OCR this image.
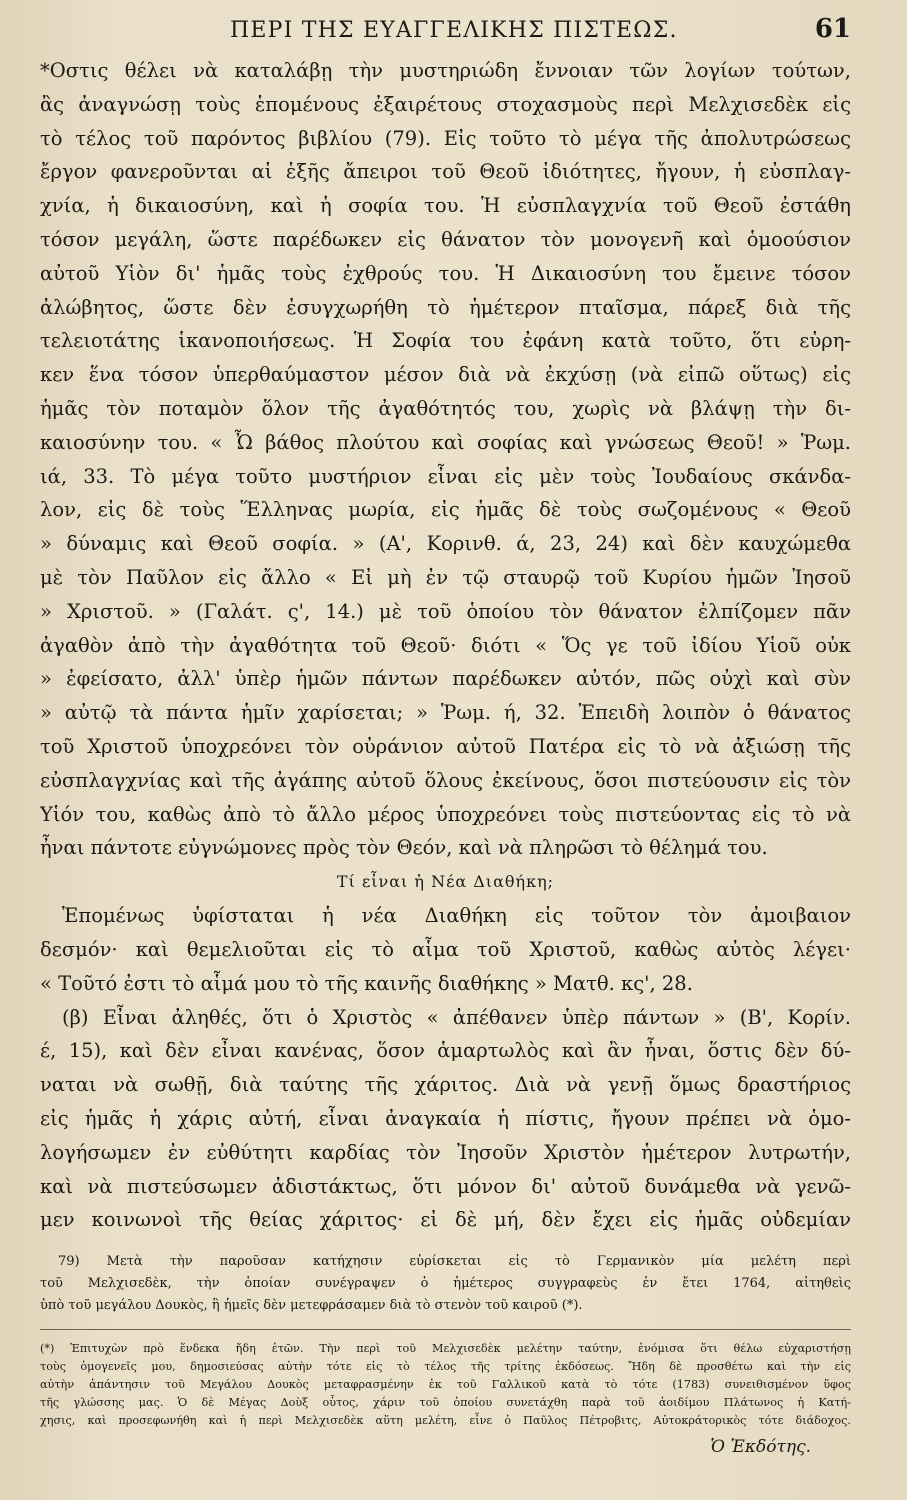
ΠΕΡΙ ΤΗΣ ΕΥΑΓΓΕΛΙΚΗΣ ΠΙΣΤΕΩΣ.	61

*Οστις θέλει νὰ καταλάβῃ τὴν μυστηριώδη ἔννοιαν τῶν λογίων τούτων,

ἂς ἀναγνώσῃ τοὺς ἑπομένους ἐξαιρέτους στοχασμοὺς περὶ Μελχισεδὲκ εἰς

τὸ τέλος τοῦ παρόντος βιβλίου (79). Εἰς τοῦτο τὸ μέγα τῆς ἀπολυτρώσεως

ἔργον φανεροῦνται αἱ ἑξῆς ἄπειροι τοῦ Θεοῦ ἰδιότητες, ἤγουν, ἡ εὐσπλαγ-

χνία, ἡ δικαιοσύνη, καὶ ἡ σοφία του. Ἡ εὐσπλαγχνία τοῦ Θεοῦ ἐστάθη

τόσον μεγάλη, ὥστε παρέδωκεν εἰς θάνατον τὸν μονογενῆ καὶ ὁμοούσιον

αὐτοῦ Υἱὸν δι' ἡμᾶς τοὺς ἐχθρούς του. Ἡ Δικαιοσύνη του ἔμεινε τόσον

ἀλώβητος, ὥστε δὲν ἐσυγχωρήθη τὸ ἡμέτερον πταῖσμα, πάρεξ διὰ τῆς

τελειοτάτης ἱκανοποιήσεως. Ἡ Σοφία του ἐφάνη κατὰ τοῦτο, ὅτι εὑρη-

κεν ἕνα τόσον ὑπερθαύμαστον μέσον διὰ νὰ ἐκχύσῃ (νὰ εἰπῶ οὕτως) εἰς

ἡμᾶς τὸν ποταμὸν ὅλον τῆς ἀγαθότητός του, χωρὶς νὰ βλάψῃ τὴν δι-

καιοσύνην του. « Ὦ βάθος πλούτου καὶ σοφίας καὶ γνώσεως Θεοῦ! » Ῥωμ.

ιά, 33. Τὸ μέγα τοῦτο μυστήριον εἶναι εἰς μὲν τοὺς Ἰουδαίους σκάνδα-

λον, εἰς δὲ τοὺς Ἕλληνας μωρία, εἰς ἡμᾶς δὲ τοὺς σωζομένους « Θεοῦ

» δύναμις καὶ Θεοῦ σοφία. » (Α', Κορινθ. ά, 23, 24) καὶ δὲν καυχώμεθα

μὲ τὸν Παῦλον εἰς ἄλλο « Εἰ μὴ ἐν τῷ σταυρῷ τοῦ Κυρίου ἡμῶν Ἰησοῦ

» Χριστοῦ. » (Γαλάτ. ς', 14.) μὲ τοῦ ὁποίου τὸν θάνατον ἐλπίζομεν πᾶν

ἀγαθὸν ἀπὸ τὴν ἀγαθότητα τοῦ Θεοῦ· διότι « Ὅς γε τοῦ ἰδίου Υἱοῦ οὐκ

» ἐφείσατο, ἀλλ' ὑπὲρ ἡμῶν πάντων παρέδωκεν αὐτόν, πῶς οὐχὶ καὶ σὺν

» αὐτῷ τὰ πάντα ἡμῖν χαρίσεται; » Ῥωμ. ή, 32. Ἐπειδὴ λοιπὸν ὁ θάνατος

τοῦ Χριστοῦ ὑποχρεόνει τὸν οὐράνιον αὐτοῦ Πατέρα εἰς τὸ νὰ ἀξιώσῃ τῆς

εὐσπλαγχνίας καὶ τῆς ἀγάπης αὐτοῦ ὅλους ἐκείνους, ὅσοι πιστεύουσιν εἰς τὸν

Υἱόν του, καθὼς ἀπὸ τὸ ἄλλο μέρος ὑποχρεόνει τοὺς πιστεύοντας εἰς τὸ νὰ

ἦναι πάντοτε εὐγνώμονες πρὸς τὸν Θεόν, καὶ νὰ πληρῶσι τὸ θέλημά του.

Τί εἶναι ἡ Νέα Διαθήκη;

Ἑπομένως ὑφίσταται ἡ νέα Διαθήκη εἰς τοῦτον τὸν ἀμοιβαιον

δεσμόν· καὶ θεμελιοῦται εἰς τὸ αἷμα τοῦ Χριστοῦ, καθὼς αὐτὸς λέγει·

« Τοῦτό ἐστι τὸ αἷμά μου τὸ τῆς καινῆς διαθήκης » Ματθ. κς', 28.

(β) Εἶναι ἀληθές, ὅτι ὁ Χριστὸς « ἀπέθανεν ὑπὲρ πάντων » (Β', Κορίν.

έ, 15), καὶ δὲν εἶναι κανένας, ὅσον ἁμαρτωλὸς καὶ ἂν ἦναι, ὅστις δὲν δύ-

ναται νὰ σωθῇ, διὰ ταύτης τῆς χάριτος. Διὰ νὰ γενῇ ὅμως δραστήριος

εἰς ἡμᾶς ἡ χάρις αὐτή, εἶναι ἀναγκαία ἡ πίστις, ἤγουν πρέπει νὰ ὁμο-

λογήσωμεν ἐν εὐθύτητι καρδίας τὸν Ἰησοῦν Χριστὸν ἡμέτερον λυτρωτήν,

καὶ νὰ πιστεύσωμεν ἀδιστάκτως, ὅτι μόνον δι' αὐτοῦ δυνάμεθα νὰ γενῶ-

μεν κοινωνοὶ τῆς θείας χάριτος· εἰ δὲ μή, δὲν ἔχει εἰς ἡμᾶς οὐδεμίαν

79) Μετὰ τὴν παροῦσαν κατήχησιν εὑρίσκεται εἰς τὸ Γερμανικὸν μία μελέτη περὶ

τοῦ Μελχισεδὲκ, τὴν ὁποίαν συνέγραψεν ὁ ἡμέτερος συγγραφεὺς ἐν ἔτει 1764, αἰτηθεὶς

ὑπὸ τοῦ μεγάλου Δουκὸς, ἣ ἡμεῖς δὲν μετεφράσαμεν διὰ τὸ στενὸν τοῦ καιροῦ (*).

(*) Ἐπιτυχὼν πρὸ ἕνδεκα ἤδη ἐτῶν. Τὴν περὶ τοῦ Μελχισεδὲκ μελέτην ταύτην, ἐνόμισα ὅτι θέλω εὐχαριστήσῃ

τοὺς ὁμογενεῖς μου, δημοσιεύσας αὐτὴν τότε εἰς τὸ τέλος τῆς τρίτης ἐκδόσεως. Ἤδη δὲ προσθέτω καὶ τὴν εἰς

αὐτὴν ἀπάντησιν τοῦ Μεγάλου Δουκὸς μεταφρασμένην ἐκ τοῦ Γαλλικοῦ κατὰ τὸ τότε (1783) συνειθισμένον ὕφος

τῆς γλώσσης μας. Ὁ δὲ Μέγας Δοὺξ οὗτος, χάριν τοῦ ὁποίου συνετάχθη παρὰ τοῦ ἀοιδίμου Πλάτωνος ἡ Κατή-

χησις, καὶ προσεφωνήθη καὶ ἡ περὶ Μελχισεδὲκ αὕτη μελέτη, εἶνε ὁ Παῦλος Πέτροβιτς, Αὐτοκράτορικὸς τότε διάδοχος.

Ὁ Ἐκδότης.
